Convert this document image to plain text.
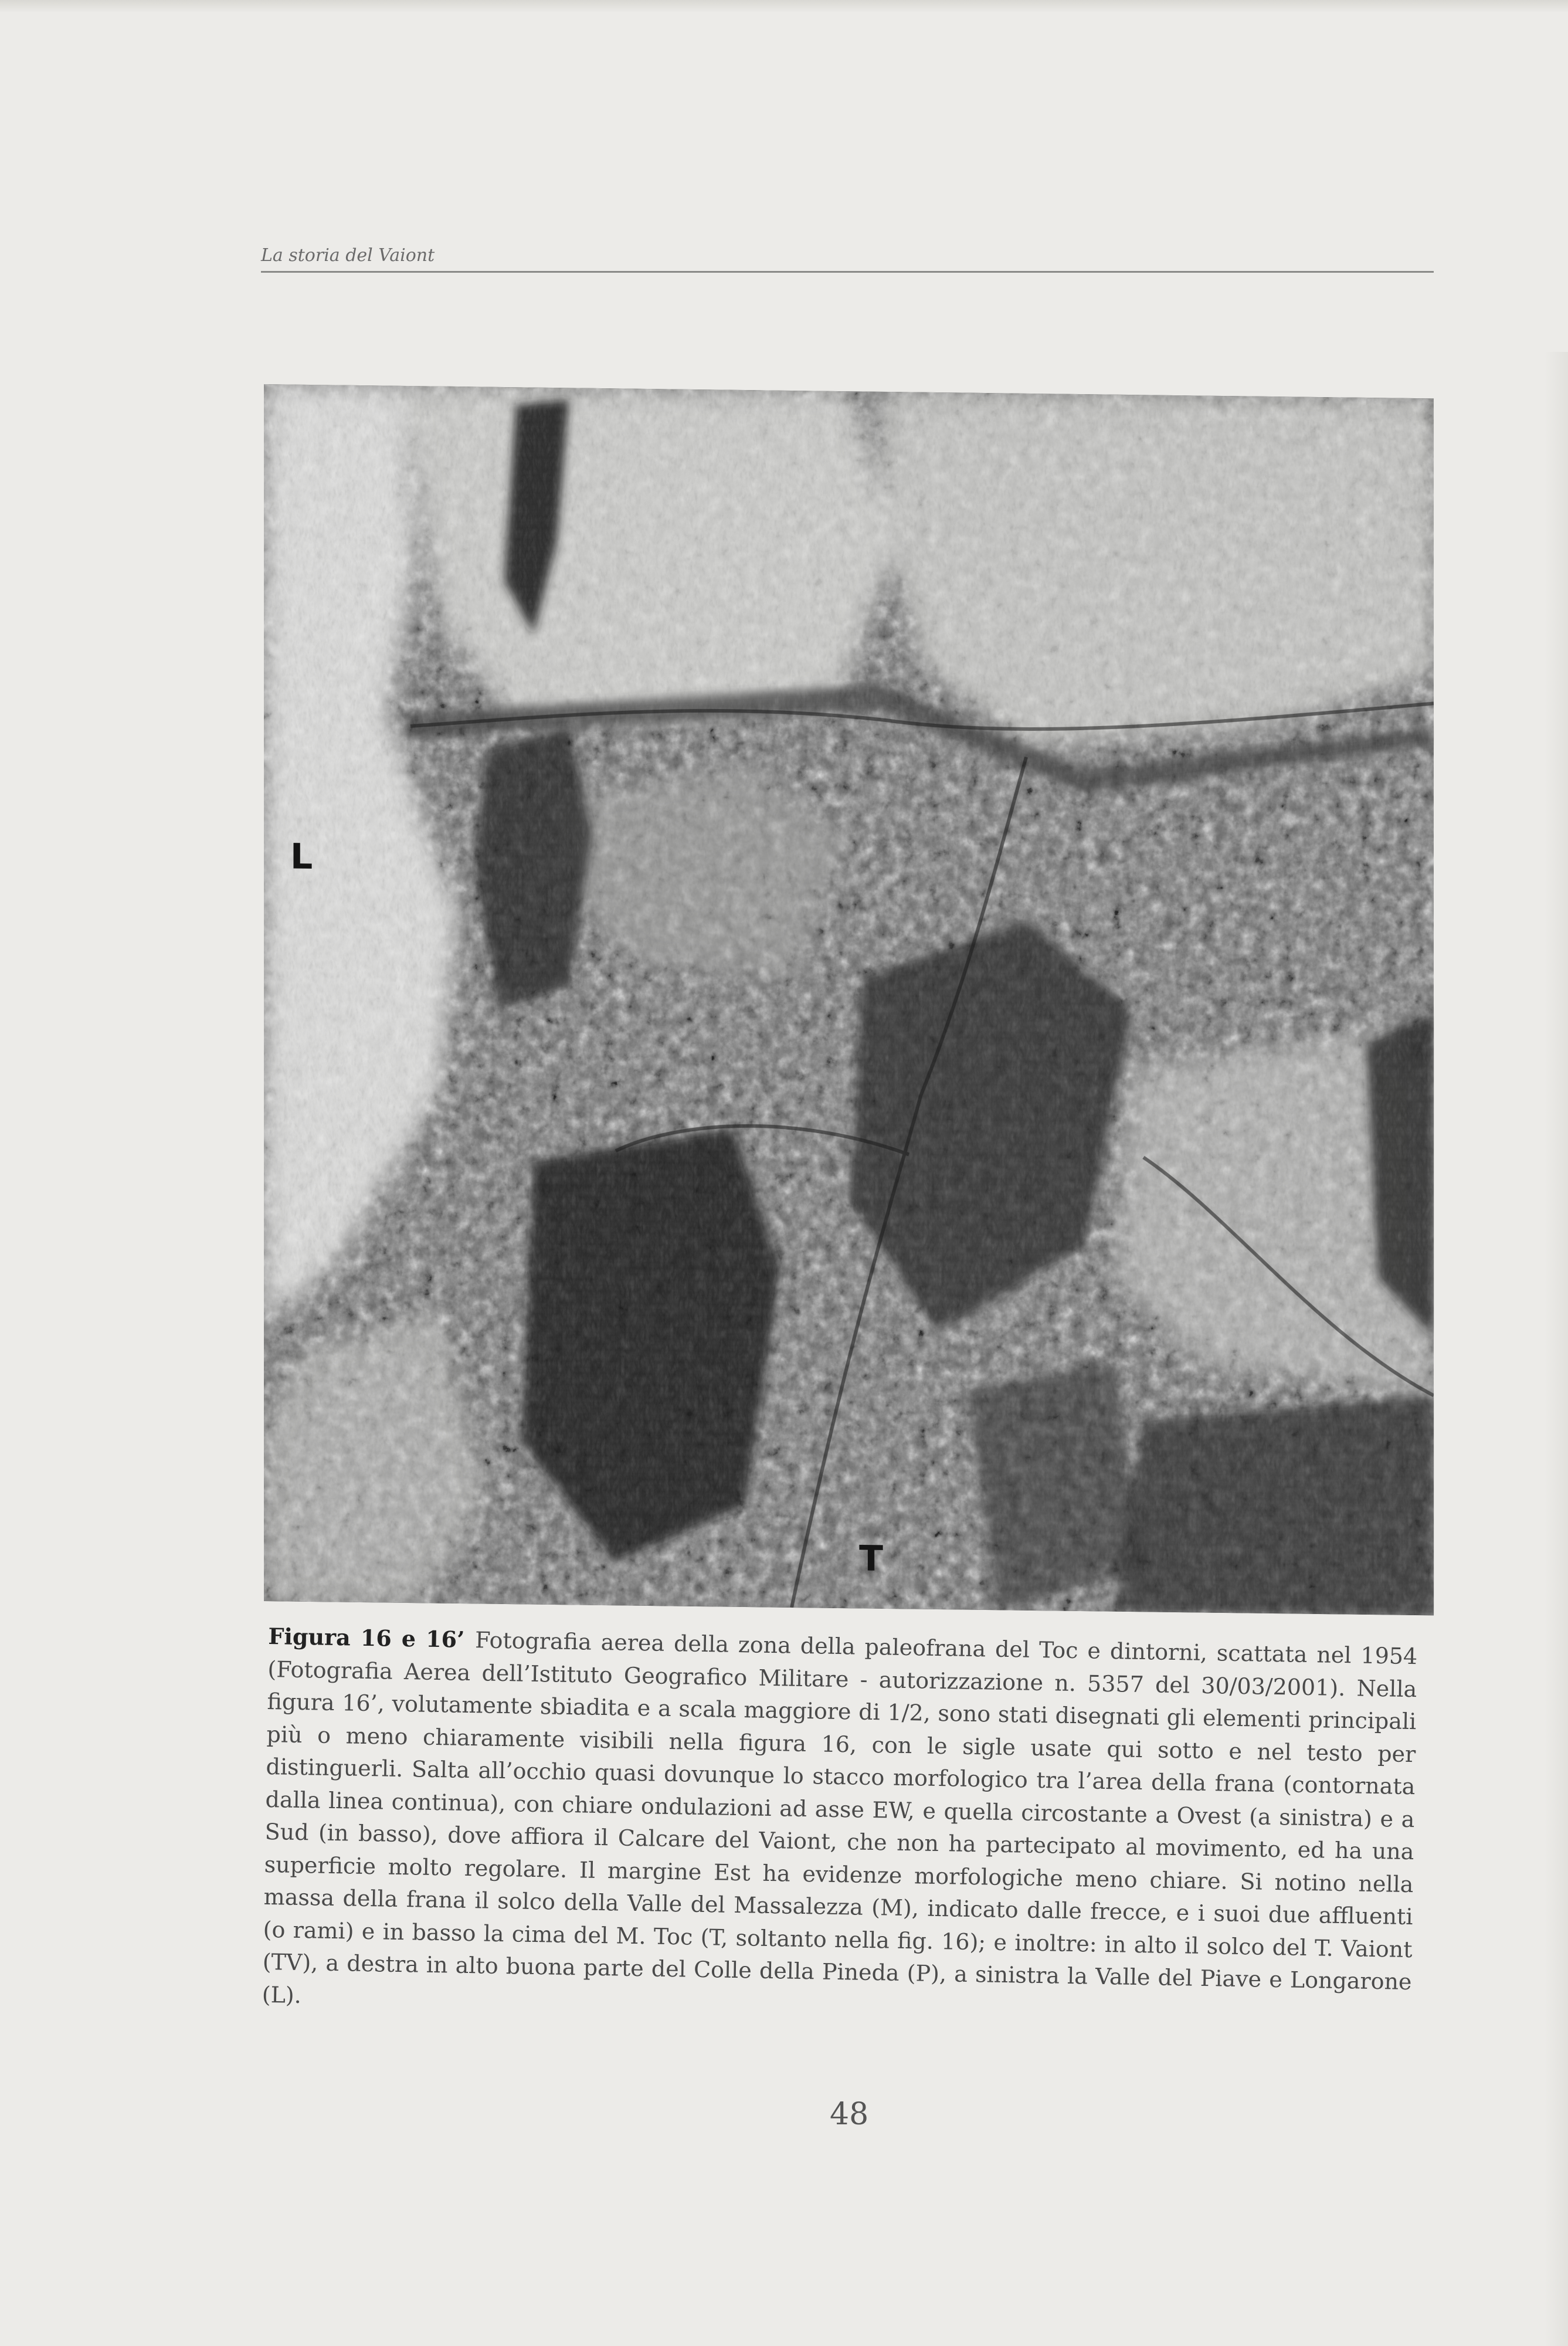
La storia del Vaiont
L
T
Figura 16 e 16’ Fotografia aerea della zona della paleofrana del Toc e dintorni, scattata nel 1954 (Fotografia Aerea dell’Istituto Geografico Militare - autorizzazione n. 5357 del 30/03/2001). Nella figura 16’, volutamente sbiadita e a scala maggiore di 1/2, sono stati disegnati gli elementi principali più o meno chiaramente visibili nella figura 16, con le sigle usate qui sotto e nel testo per distinguerli. Salta all’occhio quasi dovunque lo stacco morfologico tra l’area della frana (contornata dalla linea continua), con chiare ondulazioni ad asse EW, e quella circostante a Ovest (a sinistra) e a Sud (in basso), dove affiora il Calcare del Vaiont, che non ha partecipato al movimento, ed ha una superficie molto regolare. Il margine Est ha evidenze morfologiche meno chiare. Si notino nella massa della frana il solco della Valle del Massalezza (M), indicato dalle frecce, e i suoi due affluenti (o rami) e in basso la cima del M. Toc (T, soltanto nella fig. 16); e inoltre: in alto il solco del T. Vaiont (TV), a destra in alto buona parte del Colle della Pineda (P), a sinistra la Valle del Piave e Longarone (L).
48
